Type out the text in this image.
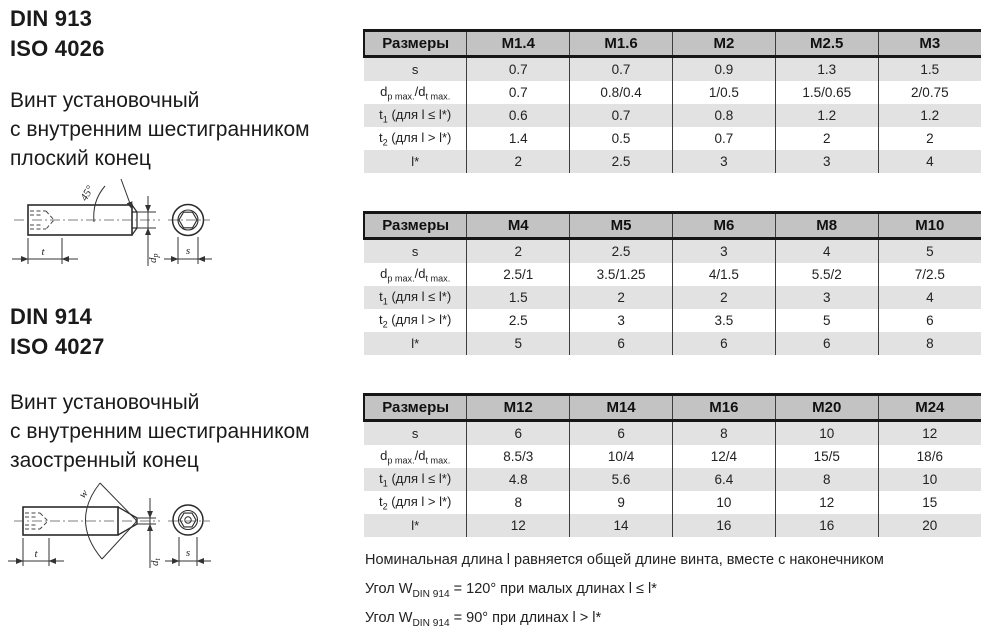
DIN 913
ISO 4026
Винт установочный
с внутренним шестигранником
плоский конец
45°
t
dp s
DIN 914
ISO 4027
Винт установочный
с внутренним шестигранником
заостренный конец
w
t
dt
s
Размеры	M1.4	M1.6	M2	M2.5	M3
s	0.7	0.7	0.9	1.3	1.5
$d_{p max.}/d_{t max.}$	0.7	0.8/0.4	1/0.5	1.5/0.65	2/0.75
$t_1$ (для l ≤ l*)	0.6	0.7	0.8	1.2	1.2
$t_2$ (для l > l*)	1.4	0.5	0.7	2	2
l*	2	2.5	3	3	4
Размеры	M4	M5	M6	M8	M10
s	2	2.5	3	4	5
$d_{p max.}/d_{t max.}$	2.5/1	3.5/1.25	4/1.5	5.5/2	7/2.5
$t_1$ (для l ≤ l*)	1.5	2	2	3	4
$t_2$ (для l > l*)	2.5	3	3.5	5	6
l*	5	6	6	6	8
Размеры	M12	M14	M16	M20	M24
s	6	6	8	10	12
$d_{p max.}/d_{t max.}$	8.5/3	10/4	12/4	15/5	18/6
$t_1$ (для l ≤ l*)	4.8	5.6	6.4	8	10
$t_2$ (для l > l*)	8	9	10	12	15
l*	12	14	16	16	20
Номинальная длина l равняется общей длине винта, вместе с наконечником
Угол $W_{DIN 914} = 120^\circ$ при малых длинах l ≤ l*
Угол $W_{DIN 914} = 90^\circ$ при длинах l > l*
